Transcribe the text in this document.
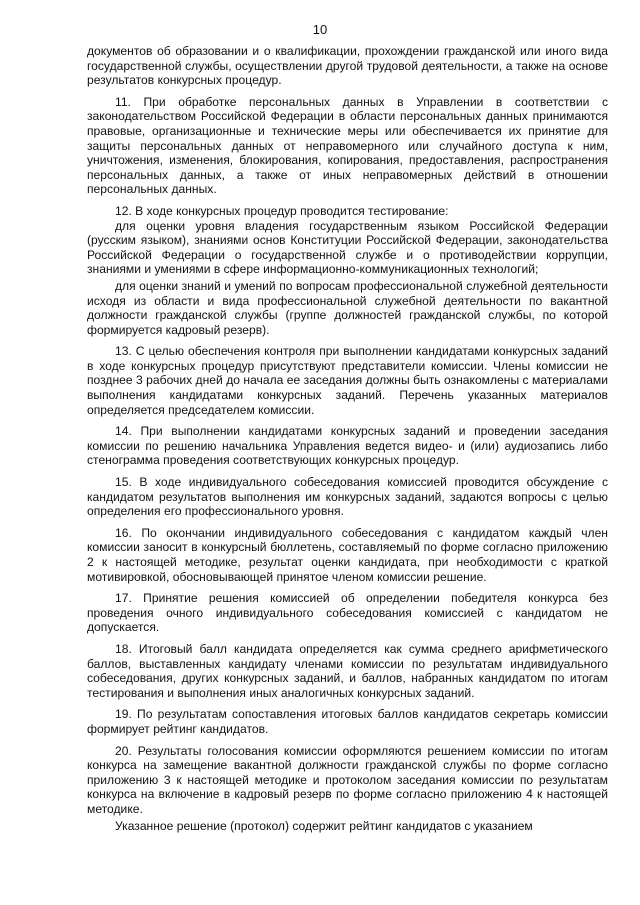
10

документов об образовании и о квалификации, прохождении гражданской или иного вида государственной службы, осуществлении другой трудовой деятельности, а также на основе результатов конкурсных процедур.

11. При обработке персональных данных в Управлении в соответствии с законодательством Российской Федерации в области персональных данных принимаются правовые, организационные и технические меры или обеспечивается их принятие для защиты персональных данных от неправомерного или случайного доступа к ним, уничтожения, изменения, блокирования, копирования, предоставления, распространения персональных данных, а также от иных неправомерных действий в отношении персональных данных.

12. В ходе конкурсных процедур проводится тестирование:

для оценки уровня владения государственным языком Российской Федерации (русским языком), знаниями основ Конституции Российской Федерации, законодательства Российской Федерации о государственной службе и о противодействии коррупции, знаниями и умениями в сфере информационно-коммуникационных технологий;

для оценки знаний и умений по вопросам профессиональной служебной деятельности исходя из области и вида профессиональной служебной деятельности по вакантной должности гражданской службы (группе должностей гражданской службы, по которой формируется кадровый резерв).

13. С целью обеспечения контроля при выполнении кандидатами конкурсных заданий в ходе конкурсных процедур присутствуют представители комиссии. Члены комиссии не позднее 3 рабочих дней до начала ее заседания должны быть ознакомлены с материалами выполнения кандидатами конкурсных заданий. Перечень указанных материалов определяется председателем комиссии.

14. При выполнении кандидатами конкурсных заданий и проведении заседания комиссии по решению начальника Управления ведется видео- и (или) аудиозапись либо стенограмма проведения соответствующих конкурсных процедур.

15. В ходе индивидуального собеседования комиссией проводится обсуждение с кандидатом результатов выполнения им конкурсных заданий, задаются вопросы с целью определения его профессионального уровня.

16. По окончании индивидуального собеседования с кандидатом каждый член комиссии заносит в конкурсный бюллетень, составляемый по форме согласно приложению 2 к настоящей методике, результат оценки кандидата, при необходимости с краткой мотивировкой, обосновывающей принятое членом комиссии решение.

17. Принятие решения комиссией об определении победителя конкурса без проведения очного индивидуального собеседования комиссией с кандидатом не допускается.

18. Итоговый балл кандидата определяется как сумма среднего арифметического баллов, выставленных кандидату членами комиссии по результатам индивидуального собеседования, других конкурсных заданий, и баллов, набранных кандидатом по итогам тестирования и выполнения иных аналогичных конкурсных заданий.

19. По результатам сопоставления итоговых баллов кандидатов секретарь комиссии формирует рейтинг кандидатов.

20. Результаты голосования комиссии оформляются решением комиссии по итогам конкурса на замещение вакантной должности гражданской службы по форме согласно приложению 3 к настоящей методике и протоколом заседания комиссии по результатам конкурса на включение в кадровый резерв по форме согласно приложению 4 к настоящей методике.

Указанное решение (протокол) содержит рейтинг кандидатов с указанием
